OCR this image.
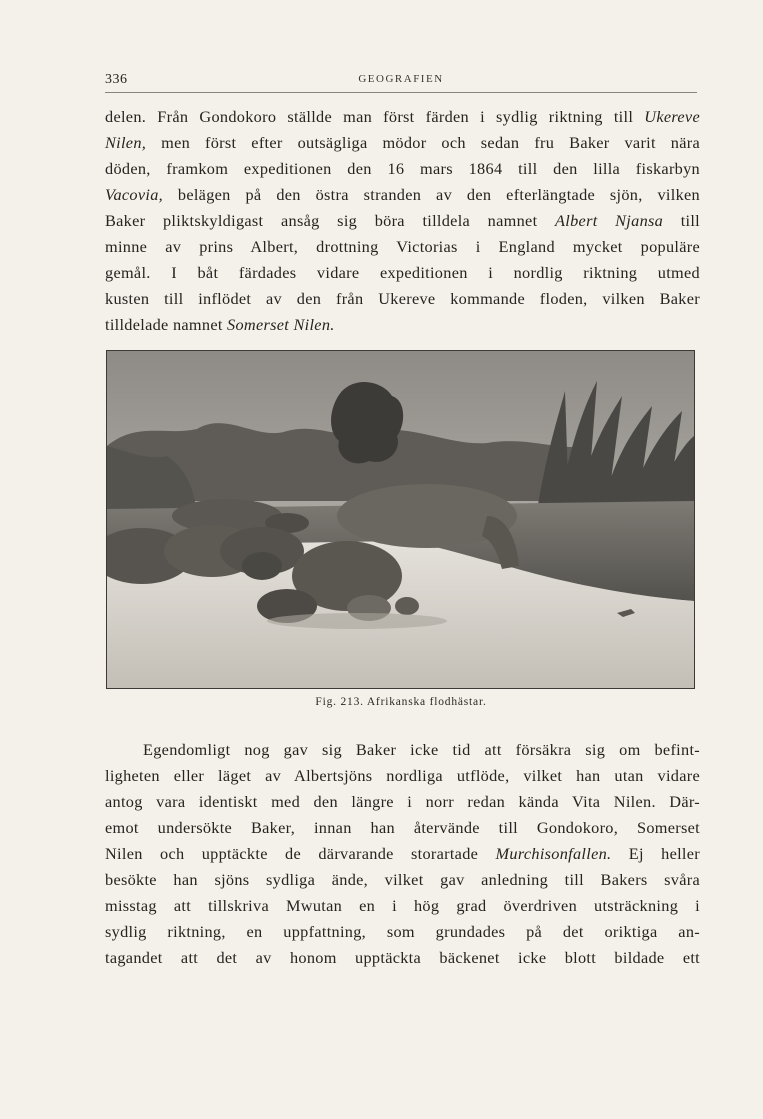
336	GEOGRAFIEN
delen. Från Gondokoro ställde man först färden i sydlig riktning till Ukereve
Nilen, men först efter outsägliga mödor och sedan fru Baker varit nära
döden, framkom expeditionen den 16 mars 1864 till den lilla fiskarbyn
Vacovia, belägen på den östra stranden av den efterlängtade sjön, vilken
Baker pliktskyldigast ansåg sig böra tilldela namnet Albert Njansa till
minne av prins Albert, drottning Victorias i England mycket populäre
gemål. I båt färdades vidare expeditionen i nordlig riktning utmed
kusten till inflödet av den från Ukereve kommande floden, vilken Baker
tilldelade namnet Somerset Nilen.
Fig. 213. Afrikanska flodhästar.
Egendomligt nog gav sig Baker icke tid att försäkra sig om befint-
ligheten eller läget av Albertsjöns nordliga utflöde, vilket han utan vidare
antog vara identiskt med den längre i norr redan kända Vita Nilen. Där-
emot undersökte Baker, innan han återvände till Gondokoro, Somerset
Nilen och upptäckte de därvarande storartade Murchisonfallen. Ej heller
besökte han sjöns sydliga ände, vilket gav anledning till Bakers svåra
misstag att tillskriva Mwutan en i hög grad överdriven utsträckning i
sydlig riktning, en uppfattning, som grundades på det oriktiga an-
tagandet att det av honom upptäckta bäckenet icke blott bildade ett
